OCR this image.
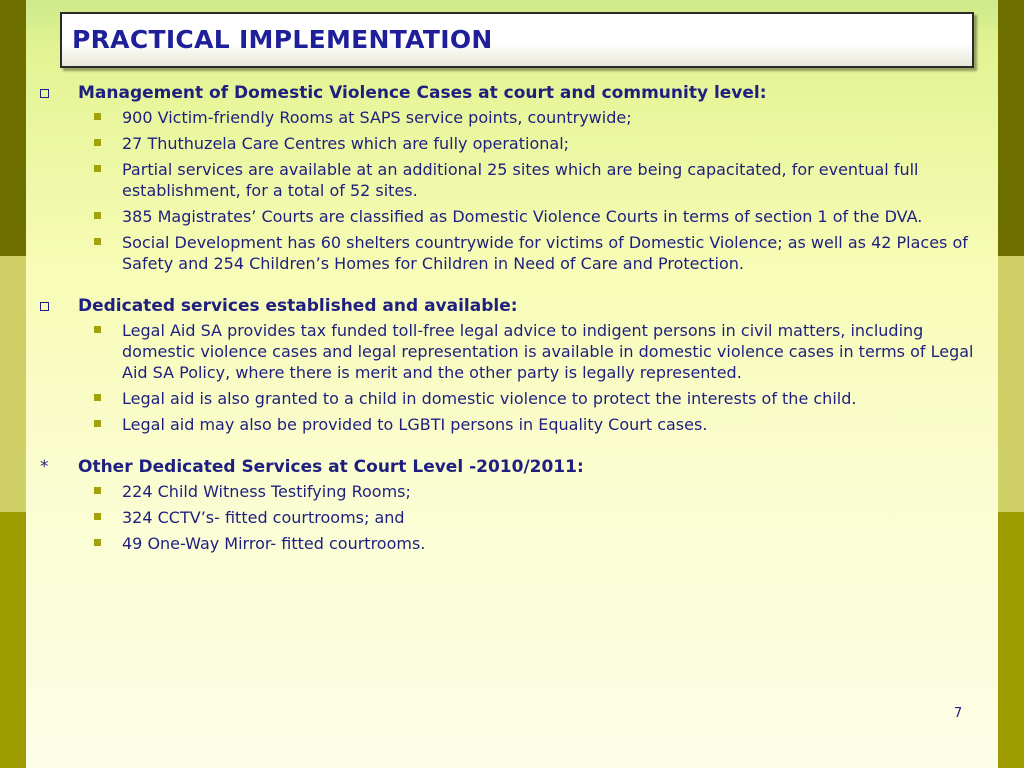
PRACTICAL IMPLEMENTATION
Management of Domestic Violence Cases at court and community level:
900 Victim-friendly Rooms at SAPS service points, countrywide;
27 Thuthuzela Care Centres which are fully operational;
Partial services are available at an additional 25 sites which are being capacitated, for eventual full establishment, for a total of 52 sites.
385 Magistrates’ Courts are classified as Domestic Violence Courts in terms of section 1 of the DVA.
Social Development has 60 shelters countrywide for victims of Domestic Violence; as well as 42 Places of Safety and 254 Children’s Homes for Children in Need of Care and Protection.
Dedicated services established and available:
Legal Aid SA provides tax funded toll-free legal advice to indigent persons in civil matters, including domestic violence cases and legal representation is available in domestic violence cases in terms of Legal Aid SA Policy, where there is merit and the other party is legally represented.
Legal aid is also granted to a child in domestic violence to protect the interests of the child.
Legal aid may also be provided to LGBTI persons in Equality Court cases.
* Other Dedicated Services at Court Level -2010/2011:
224 Child Witness Testifying Rooms;
324 CCTV’s- fitted courtrooms; and
49 One-Way Mirror- fitted courtrooms.
7
